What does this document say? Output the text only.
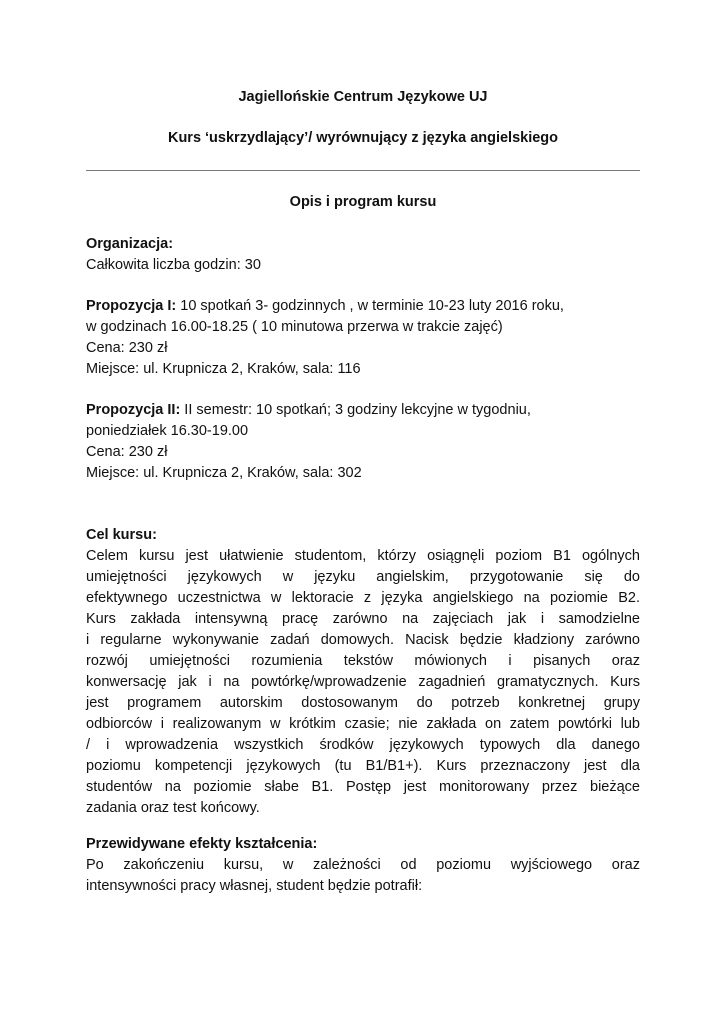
Jagiellońskie Centrum Językowe UJ
Kurs ‘uskrzydlający’/ wyrównujący z języka angielskiego
Opis i program kursu
Organizacja:
Całkowita liczba godzin: 30
Propozycja I: 10 spotkań 3- godzinnych , w terminie 10-23 luty 2016 roku,
w godzinach 16.00-18.25 ( 10 minutowa przerwa w trakcie zajęć)
Cena: 230 zł
Miejsce: ul. Krupnicza 2, Kraków, sala: 116
Propozycja II: II semestr: 10 spotkań; 3 godziny lekcyjne w tygodniu,
poniedziałek 16.30-19.00
Cena: 230 zł
Miejsce: ul. Krupnicza 2, Kraków, sala: 302
Cel kursu:
Celem kursu jest ułatwienie studentom, którzy osiągnęli poziom B1 ogólnych
umiejętności językowych w języku angielskim, przygotowanie się do
efektywnego uczestnictwa w lektoracie z języka angielskiego na poziomie B2.
Kurs zakłada intensywną pracę zarówno na zajęciach jak i samodzielne
i regularne wykonywanie zadań domowych. Nacisk będzie kładziony zarówno
rozwój umiejętności rozumienia tekstów mówionych i pisanych oraz
konwersację jak i na powtórkę/wprowadzenie zagadnień gramatycznych. Kurs
jest programem autorskim dostosowanym do potrzeb konkretnej grupy
odbiorców i realizowanym w krótkim czasie; nie zakłada on zatem powtórki lub
/ i wprowadzenia wszystkich środków językowych typowych dla danego
poziomu kompetencji językowych (tu B1/B1+). Kurs przeznaczony jest dla
studentów na poziomie słabe B1. Postęp jest monitorowany przez bieżące
zadania oraz test końcowy.
Przewidywane efekty kształcenia:
Po zakończeniu kursu, w zależności od poziomu wyjściowego oraz
intensywności pracy własnej, student będzie potrafił:
